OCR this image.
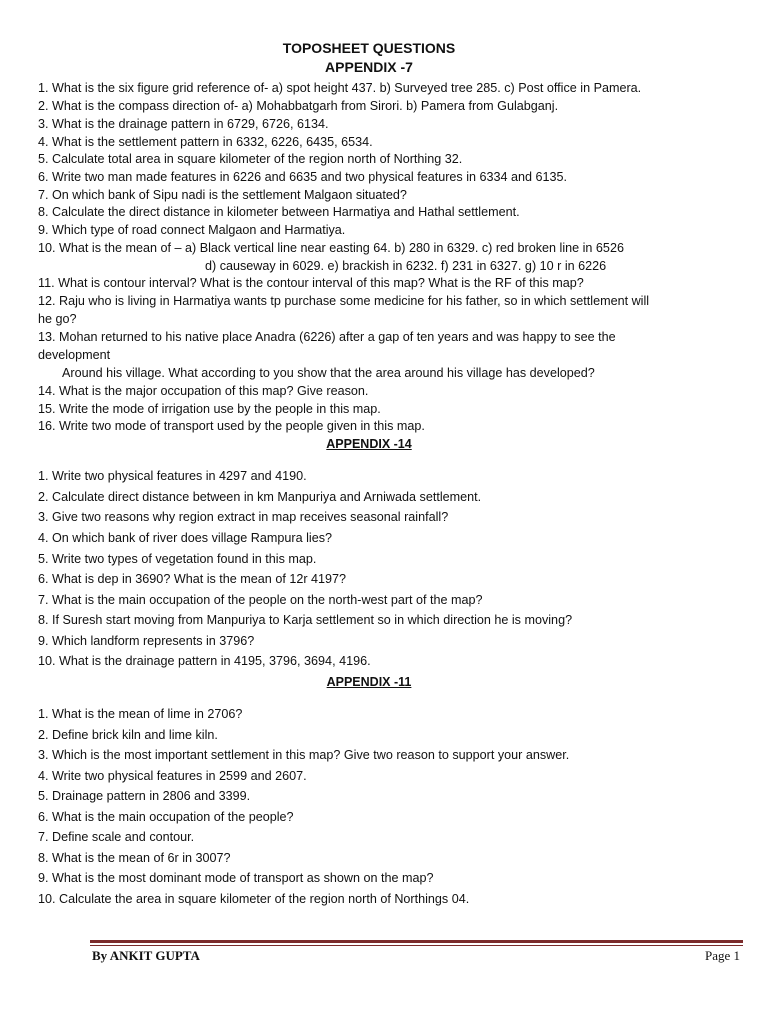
TOPOSHEET QUESTIONS
APPENDIX -7
1. What is the six figure grid reference of- a) spot height 437. b) Surveyed tree 285. c) Post office in Pamera.
2. What is the compass direction of- a) Mohabbatgarh from Sirori. b) Pamera from Gulabganj.
3. What is the drainage pattern in 6729, 6726, 6134.
4. What is the settlement pattern in 6332, 6226, 6435, 6534.
5. Calculate total area in square kilometer of the region north of Northing 32.
6. Write two man made features in 6226 and 6635 and two physical features in 6334 and 6135.
7. On which bank of Sipu nadi is the settlement Malgaon situated?
8. Calculate the direct distance in kilometer between Harmatiya and Hathal settlement.
9. Which type of road connect Malgaon and Harmatiya.
10. What is the mean of – a) Black vertical line near easting 64. b) 280 in 6329. c) red broken line in 6526
d) causeway in 6029. e) brackish in 6232. f) 231 in 6327. g) 10 r in 6226
11. What is contour interval? What is the contour interval of this map? What is the RF of this map?
12. Raju who is living in Harmatiya wants tp purchase some medicine for his father, so in which settlement will
he go?
13. Mohan returned to his native place Anadra (6226) after a gap of ten years and was happy to see the
development
Around his village. What according to you show that the area around his village has developed?
14. What is the major occupation of this map? Give reason.
15. Write the mode of irrigation use by the people in this map.
16. Write two mode of transport used by the people given in this map.
APPENDIX -14
1. Write two physical features in 4297 and 4190.
2. Calculate direct distance between in km Manpuriya and Arniwada settlement.
3. Give two reasons why region extract in map receives seasonal rainfall?
4. On which bank of river does village Rampura lies?
5. Write two types of vegetation found in this map.
6. What is dep in 3690? What is the mean of 12r 4197?
7. What is the main occupation of the people on the north-west part of the map?
8. If Suresh start moving from Manpuriya to Karja settlement so in which direction he is moving?
9. Which landform represents in 3796?
10. What is the drainage pattern in 4195, 3796, 3694, 4196.
APPENDIX -11
1. What is the mean of lime in 2706?
2. Define brick kiln and lime kiln.
3. Which is the most important settlement in this map? Give two reason to support your answer.
4. Write two physical features in 2599 and 2607.
5. Drainage pattern in 2806 and 3399.
6. What is the main occupation of the people?
7. Define scale and contour.
8. What is the mean of 6r in 3007?
9. What is the most dominant mode of transport as shown on the map?
10. Calculate the area in square kilometer of the region north of Northings 04.
By ANKIT GUPTA	Page 1
